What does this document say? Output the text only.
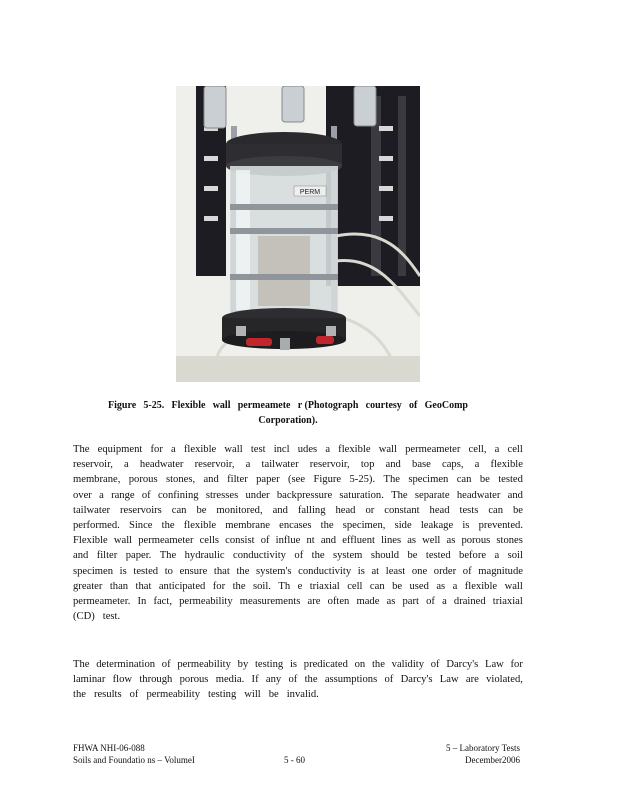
PERM
Figure 5-25. Flexible wall permeamete r (Photograph courtesy of GeoComp
Corporation).
The equipment for a flexible wall test incl udes a flexible wall permeameter cell, a cell
reservoir, a headwater reservoir, a tailwater reservoir, top and base caps, a flexible
membrane, porous stones, and filter paper (see Figure 5-25). The specimen can be tested
over a range of confining stresses under backpressure saturation. The separate headwater and
tailwater reservoirs can be monitored, and falling head or constant head tests can be
performed. Since the flexible membrane encases the specimen, side leakage is prevented.
Flexible wall permeameter cells consist of influe nt and effluent lines as well as porous stones
and filter paper. The hydraulic conductivity of the system should be tested before a soil
specimen is tested to ensure that the system's conductivity is at least one order of magnitude
greater than that anticipated for the soil. Th e triaxial cell can be used as a flexible wall
permeameter. In fact, permeability measurements are often made as part of a drained triaxial
(CD) test.
The determination of permeability by testing is predicated on the validity of Darcy's Law for
laminar flow through porous media. If any of the assumptions of Darcy's Law are violated,
the results of permeability testing will be invalid.
FHWA NHI-06-088
Soils and Foundatio ns – VolumeI	5 - 60
5 – Laboratory Tests
December2006
